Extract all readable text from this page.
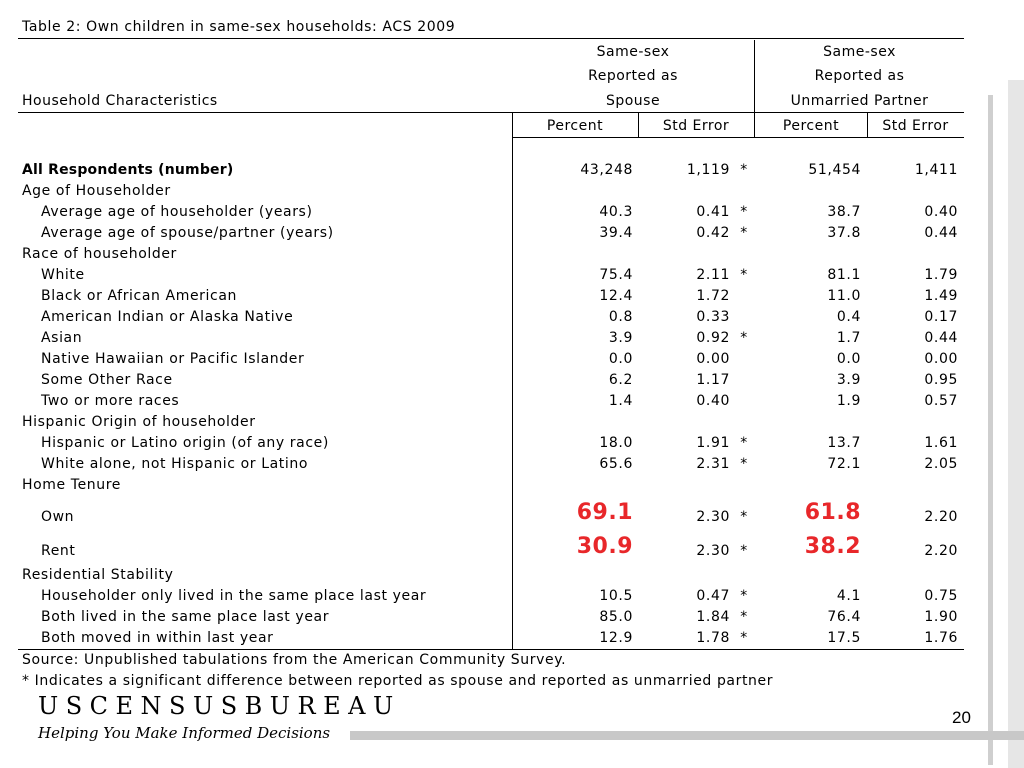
Table 2: Own children in same-sex households: ACS 2009
Same-sex
Reported as
Spouse
Same-sex
Reported as
Unmarried Partner
Household Characteristics
Percent	Std Error	Percent	Std Error
All Respondents (number)	43,248	1,119 *	51,454	1,411
Age of Householder
Average age of householder (years)	40.3	0.41 *	38.7	0.40
Average age of spouse/partner (years)	39.4	0.42 *	37.8	0.44
Race of householder
White	75.4	2.11 *	81.1	1.79
Black or African American	12.4	1.72	11.0	1.49
American Indian or Alaska Native	0.8	0.33	0.4	0.17
Asian	3.9	0.92 *	1.7	0.44
Native Hawaiian or Pacific Islander	0.0	0.00	0.0	0.00
Some Other Race	6.2	1.17	3.9	0.95
Two or more races	1.4	0.40	1.9	0.57
Hispanic Origin of householder
Hispanic or Latino origin (of any race)	18.0	1.91 *	13.7	1.61
White alone, not Hispanic or Latino	65.6	2.31 *	72.1	2.05
Home Tenure
Own	69.1	2.30 *	61.8	2.20
Rent	30.9	2.30 *	38.2	2.20
Residential Stability
Householder only lived in the same place last year	10.5	0.47 *	4.1	0.75
Both lived in the same place last year	85.0	1.84 *	76.4	1.90
Both moved in within last year	12.9	1.78 *	17.5	1.76
Source: Unpublished tabulations from the American Community Survey.
* Indicates a significant difference between reported as spouse and reported as unmarried partner
USCENSUSBUREAU
Helping You Make Informed Decisions
20
